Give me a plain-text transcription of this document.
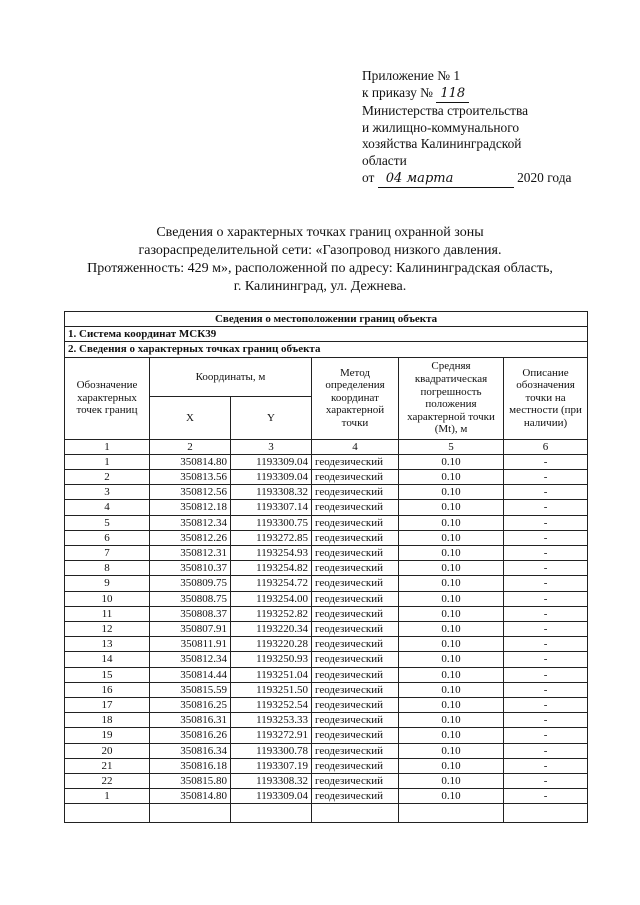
Приложение № 1
к приказу № 118
Министерства строительства
и жилищно-коммунального
хозяйства Калининградской
области
от 04 марта	2020 года
Сведения о характерных точках границ охранной зоны
газораспределительной сети: «Газопровод низкого давления.
Протяженность: 429 м», расположенной по адресу: Калининградская область,
г. Калининград, ул. Дежнева.
Сведения о местоположении границ объекта					
1. Система координат МСК39					
2. Сведения о характерных точках границ объекта					
Обозначение характерных точек границ	Координаты, м		Метод определения координат характерной точки	Средняя квадратическая погрешность положения характерной точки (Mt), м	Описание обозначения точки на местности (при наличии)
	X	Y			
1	2	3	4	5	6
1	350814.80	1193309.04	геодезический	0.10	-
2	350813.56	1193309.04	геодезический	0.10	-
3	350812.56	1193308.32	геодезический	0.10	-
4	350812.18	1193307.14	геодезический	0.10	-
5	350812.34	1193300.75	геодезический	0.10	-
6	350812.26	1193272.85	геодезический	0.10	-
7	350812.31	1193254.93	геодезический	0.10	-
8	350810.37	1193254.82	геодезический	0.10	-
9	350809.75	1193254.72	геодезический	0.10	-
10	350808.75	1193254.00	геодезический	0.10	-
11	350808.37	1193252.82	геодезический	0.10	-
12	350807.91	1193220.34	геодезический	0.10	-
13	350811.91	1193220.28	геодезический	0.10	-
14	350812.34	1193250.93	геодезический	0.10	-
15	350814.44	1193251.04	геодезический	0.10	-
16	350815.59	1193251.50	геодезический	0.10	-
17	350816.25	1193252.54	геодезический	0.10	-
18	350816.31	1193253.33	геодезический	0.10	-
19	350816.26	1193272.91	геодезический	0.10	-
20	350816.34	1193300.78	геодезический	0.10	-
21	350816.18	1193307.19	геодезический	0.10	-
22	350815.80	1193308.32	геодезический	0.10	-
1	350814.80	1193309.04	геодезический	0.10	-
